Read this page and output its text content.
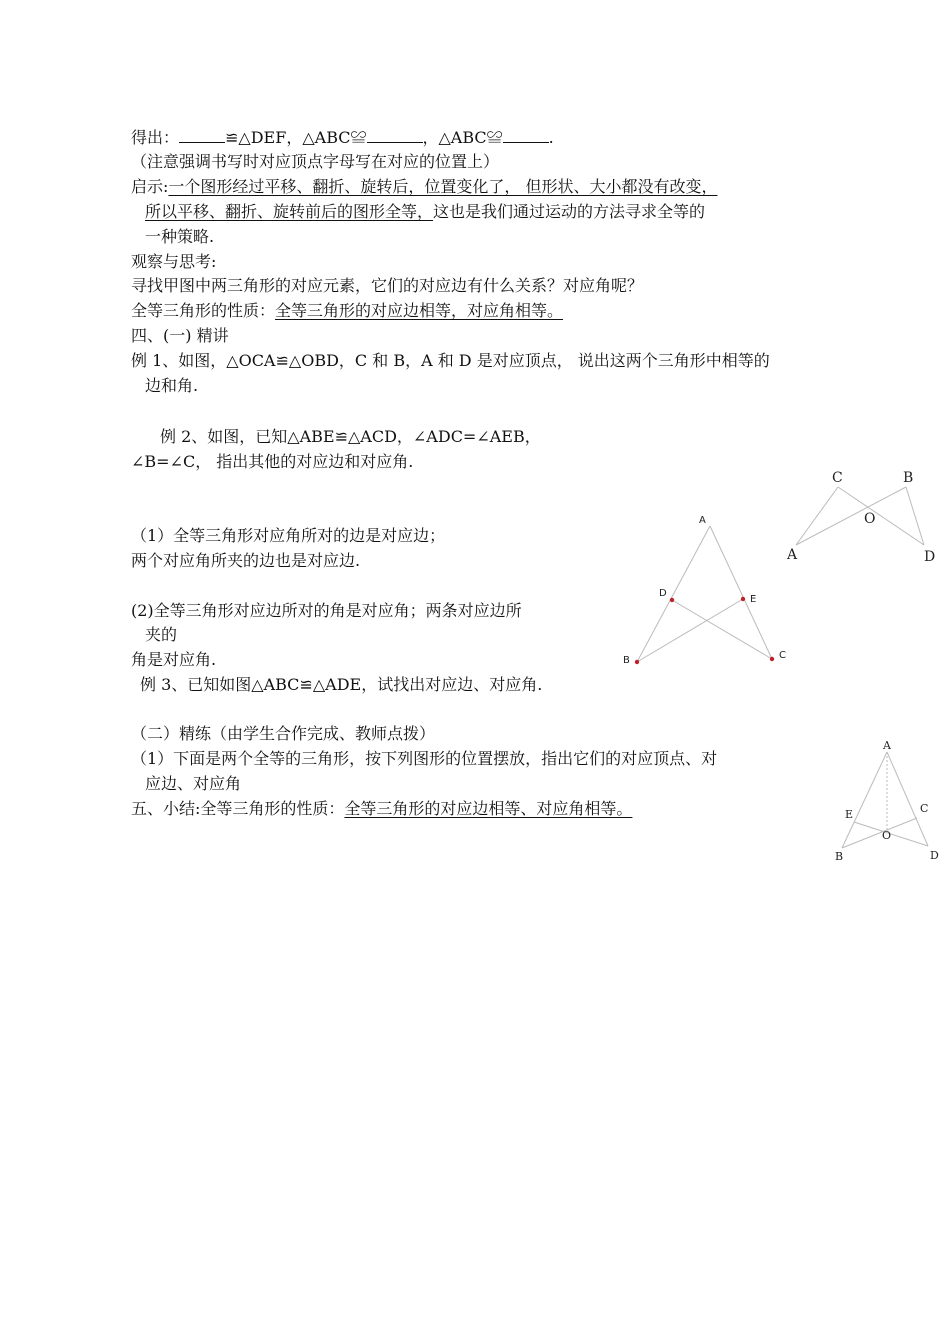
得出：	≌△DEF，△ABC≌	，△ABC≌	.
（注意强调书写时对应顶点字母写在对应的位置上）
启示:一个图形经过平移、翻折、旋转后，位置变化了， 但形状、大小都没有改变，
所以平移、翻折、旋转前后的图形全等，这也是我们通过运动的方法寻求全等的
一种策略.
观察与思考:
寻找甲图中两三角形的对应元素，它们的对应边有什么关系？对应角呢？
全等三角形的性质：全等三角形的对应边相等，对应角相等。
四、(一) 精讲
例 1、如图，△OCA≌△OBD，C 和 B，A 和 D 是对应顶点， 说出这两个三角形中相等的
边和角.
例 2、如图，已知△ABE≌△ACD，∠ADC=∠AEB，
∠B=∠C， 指出其他的对应边和对应角.
（1）全等三角形对应角所对的边是对应边；
两个对应角所夹的边也是对应边.
(2)全等三角形对应边所对的角是对应角；两条对应边所
夹的
角是对应角.
例 3、已知如图△ABC≌△ADE，试找出对应边、对应角.
（二）精练（由学生合作完成、教师点拨）
（1）下面是两个全等的三角形，按下列图形的位置摆放，指出它们的对应顶点、对
应边、对应角
五、小结:全等三角形的性质：全等三角形的对应边相等、对应角相等。
C	B
O
A	D
A
D
E
B	C
A
E	C
O
B	D
